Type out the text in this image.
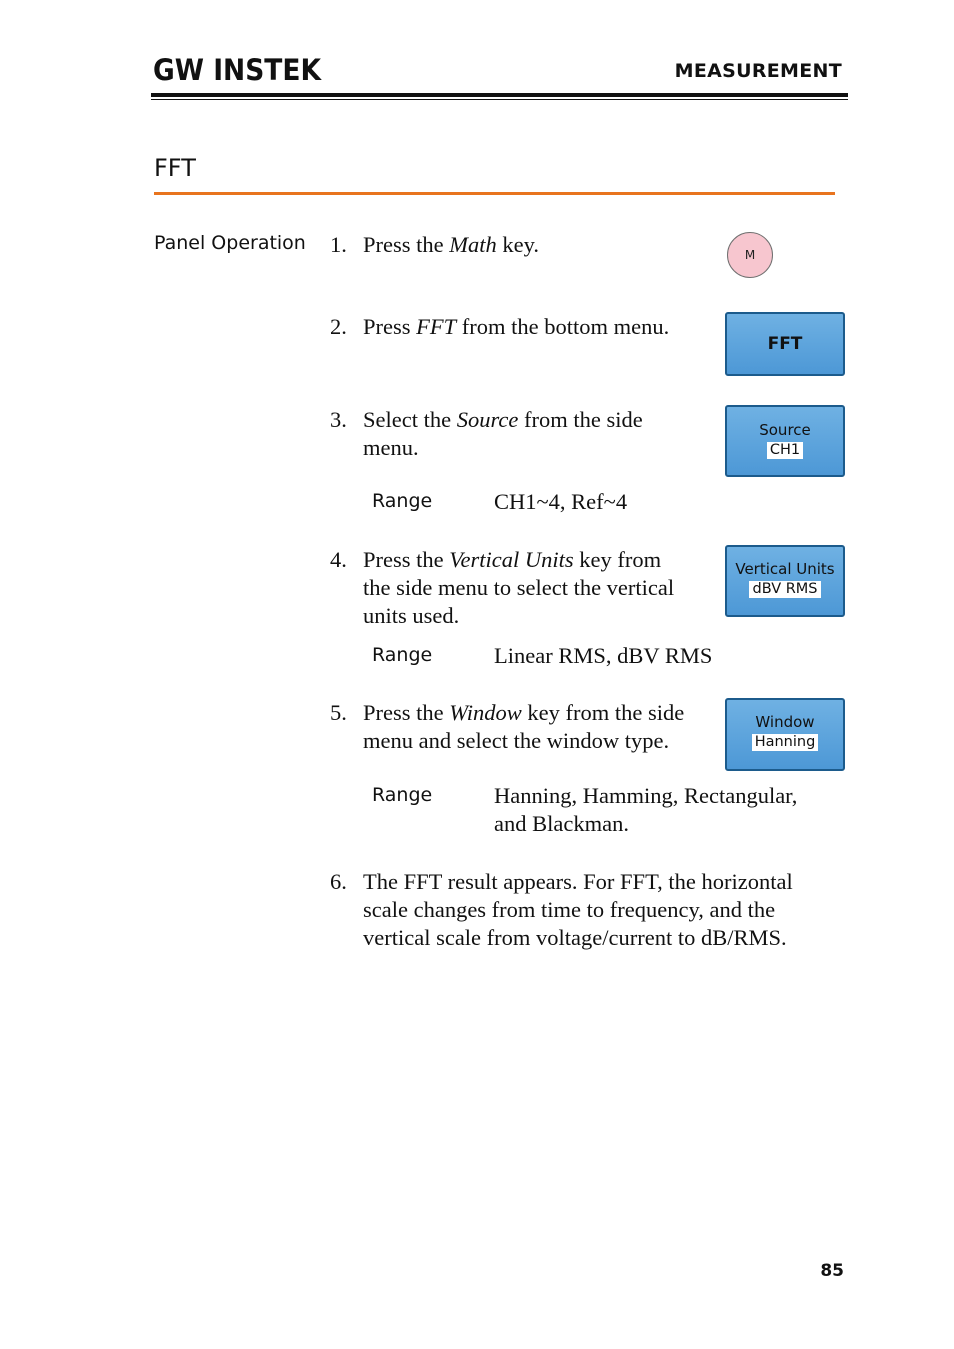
GW INSTEK	MEASUREMENT
FFT
Panel Operation 1. Press the Math key.	M
2. Press FFT from the bottom menu.
FFT
3. Select the Source from the side
menu.
Source
CH1
Range	CH1~4, Ref~4
4. Press the Vertical Units key from
the side menu to select the vertical
units used.
Vertical Units
dBV RMS
Range	Linear RMS, dBV RMS
5. Press the Window key from the side
menu and select the window type.
Window
Hanning
Range	Hanning, Hamming, Rectangular,
and Blackman.
6. The FFT result appears. For FFT, the horizontal
scale changes from time to frequency, and the
vertical scale from voltage/current to dB/RMS.
85
